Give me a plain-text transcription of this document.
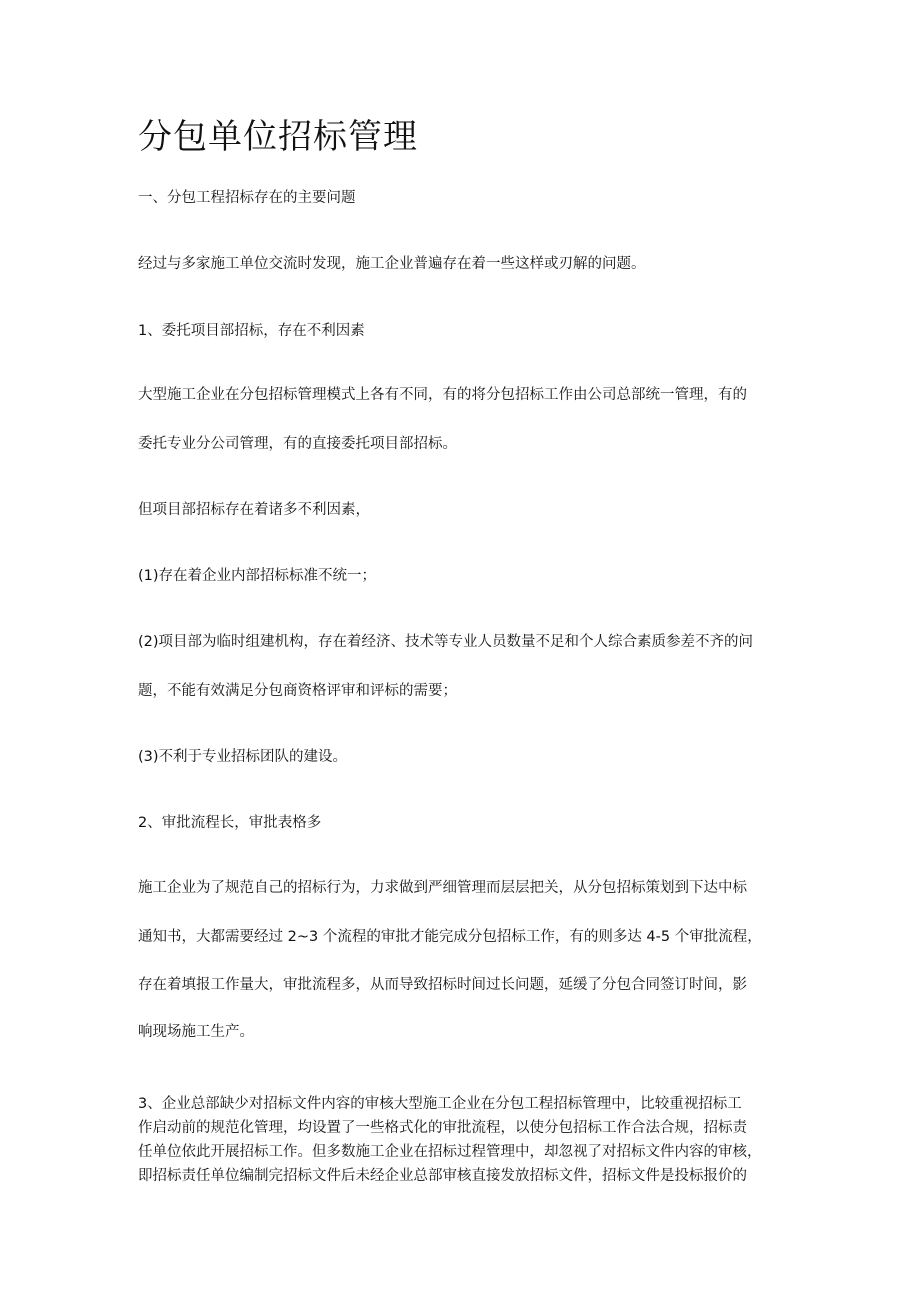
分包单位招标管理

一、分包工程招标存在的主要问题

经过与多家施工单位交流时发现，施工企业普遍存在着一些这样或刃解的问题。

1、委托项目部招标，存在不利因素

大型施工企业在分包招标管理模式上各有不同，有的将分包招标工作由公司总部统一管理，有的

委托专业分公司管理，有的直接委托项目部招标。

但项目部招标存在着诸多不利因素，

(1)存在着企业内部招标标准不统一；

(2)项目部为临时组建机构，存在着经济、技术等专业人员数量不足和个人综合素质参差不齐的问

题，不能有效满足分包商资格评审和评标的需要；

(3)不利于专业招标团队的建设。

2、审批流程长，审批表格多

施工企业为了规范自己的招标行为，力求做到严细管理而层层把关，从分包招标策划到下达中标

通知书，大都需要经过 2~3 个流程的审批才能完成分包招标工作，有的则多达 4-5 个审批流程，

存在着填报工作量大，审批流程多，从而导致招标时间过长问题，延缓了分包合同签订时间，影

响现场施工生产。

3、企业总部缺少对招标文件内容的审核大型施工企业在分包工程招标管理中，比较重视招标工

作启动前的规范化管理，均设置了一些格式化的审批流程，以使分包招标工作合法合规，招标责

任单位依此开展招标工作。但多数施工企业在招标过程管理中，却忽视了对招标文件内容的审核，

即招标责任单位编制完招标文件后未经企业总部审核直接发放招标文件，招标文件是投标报价的
